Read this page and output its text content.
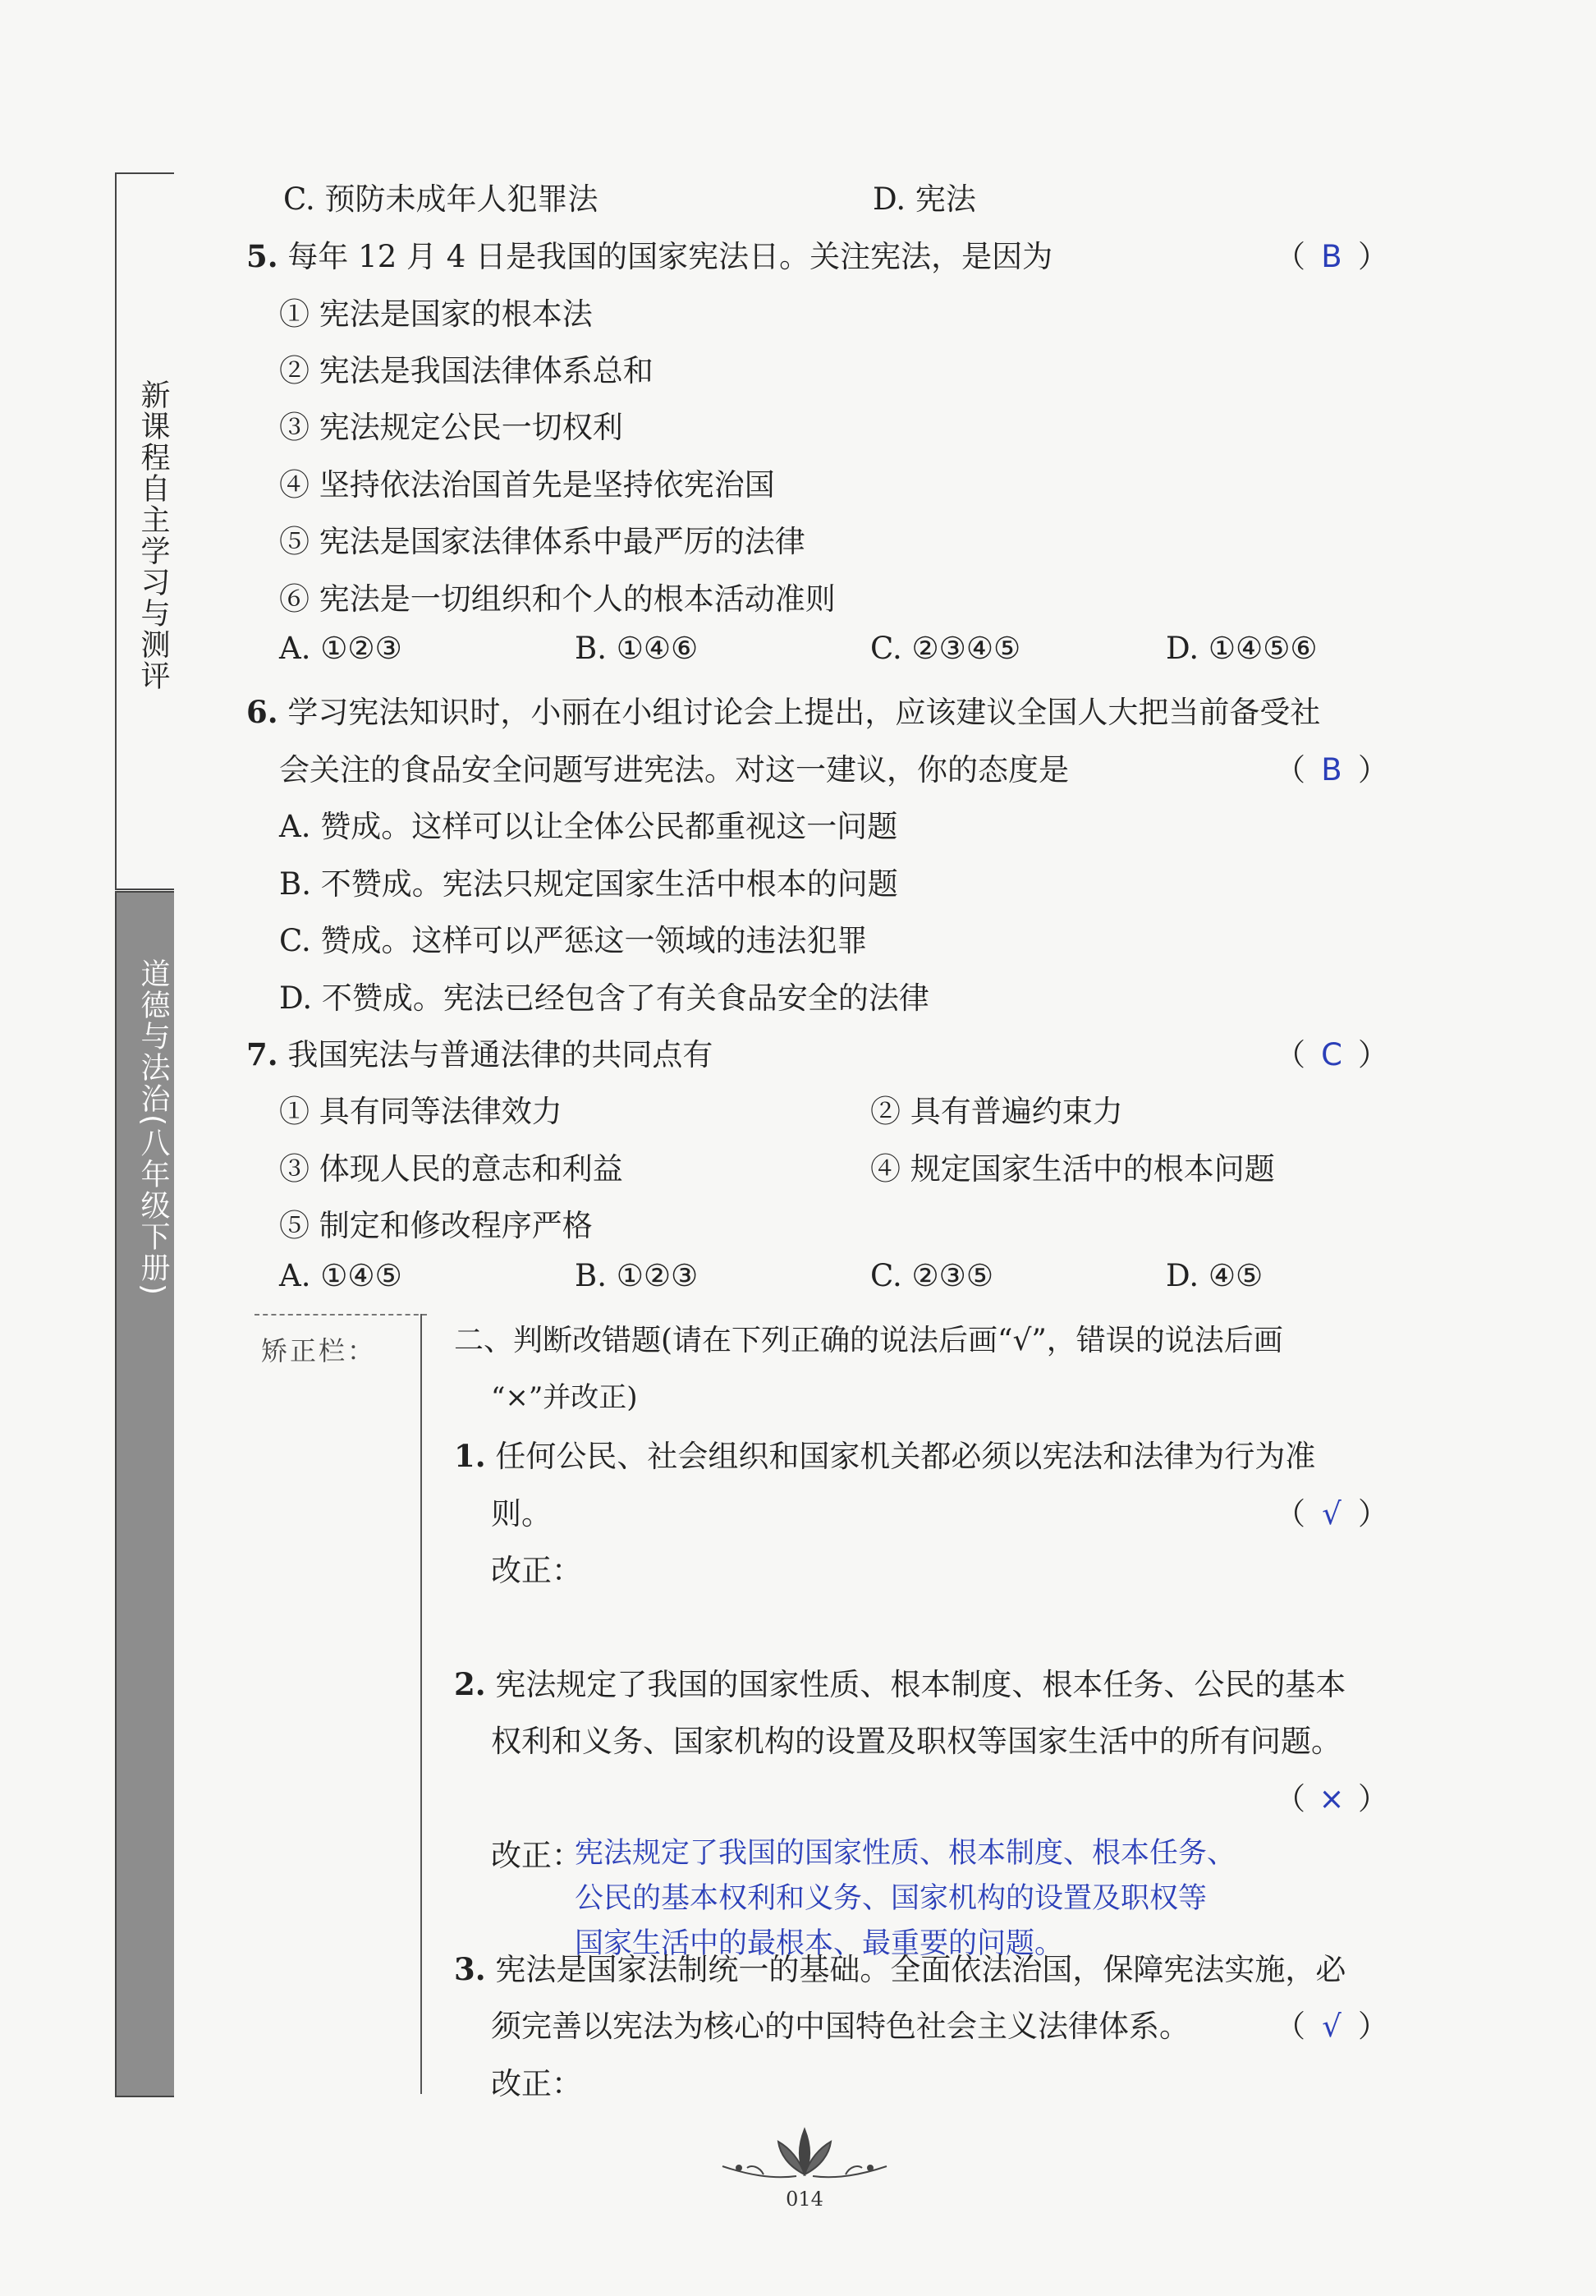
新课程自主学习与测评
道德与法治(八年级下册)
C. 预防未成年人犯罪法	D. 宪法
5. 每年 12 月 4 日是我国的国家宪法日。关注宪法，是因为	（ B ）
① 宪法是国家的根本法
② 宪法是我国法律体系总和
③ 宪法规定公民一切权利
④ 坚持依法治国首先是坚持依宪治国
⑤ 宪法是国家法律体系中最严厉的法律
⑥ 宪法是一切组织和个人的根本活动准则
A. ①②③	B. ①④⑥	C. ②③④⑤	D. ①④⑤⑥
6. 学习宪法知识时，小丽在小组讨论会上提出，应该建议全国人大把当前备受社
会关注的食品安全问题写进宪法。对这一建议，你的态度是	（ B ）
A. 赞成。这样可以让全体公民都重视这一问题
B. 不赞成。宪法只规定国家生活中根本的问题
C. 赞成。这样可以严惩这一领域的违法犯罪
D. 不赞成。宪法已经包含了有关食品安全的法律
7. 我国宪法与普通法律的共同点有	（ C ）
① 具有同等法律效力	② 具有普遍约束力
③ 体现人民的意志和利益	④ 规定国家生活中的根本问题
⑤ 制定和修改程序严格
A. ①④⑤	B. ①②③	C. ②③⑤	D. ④⑤
矫正栏：	二、判断改错题(请在下列正确的说法后画“√”，错误的说法后画
“×”并改正)
1. 任何公民、社会组织和国家机关都必须以宪法和法律为行为准
则。	（ √ ）
改正：
2. 宪法规定了我国的国家性质、根本制度、根本任务、公民的基本
权利和义务、国家机构的设置及职权等国家生活中的所有问题。
（ × ）
改正：
宪法规定了我国的国家性质、根本制度、根本任务、
公民的基本权利和义务、国家机构的设置及职权等
国家生活中的最根本、最重要的问题。
3. 宪法是国家法制统一的基础。全面依法治国，保障宪法实施，必
须完善以宪法为核心的中国特色社会主义法律体系。	（ √ ）
改正：
014
